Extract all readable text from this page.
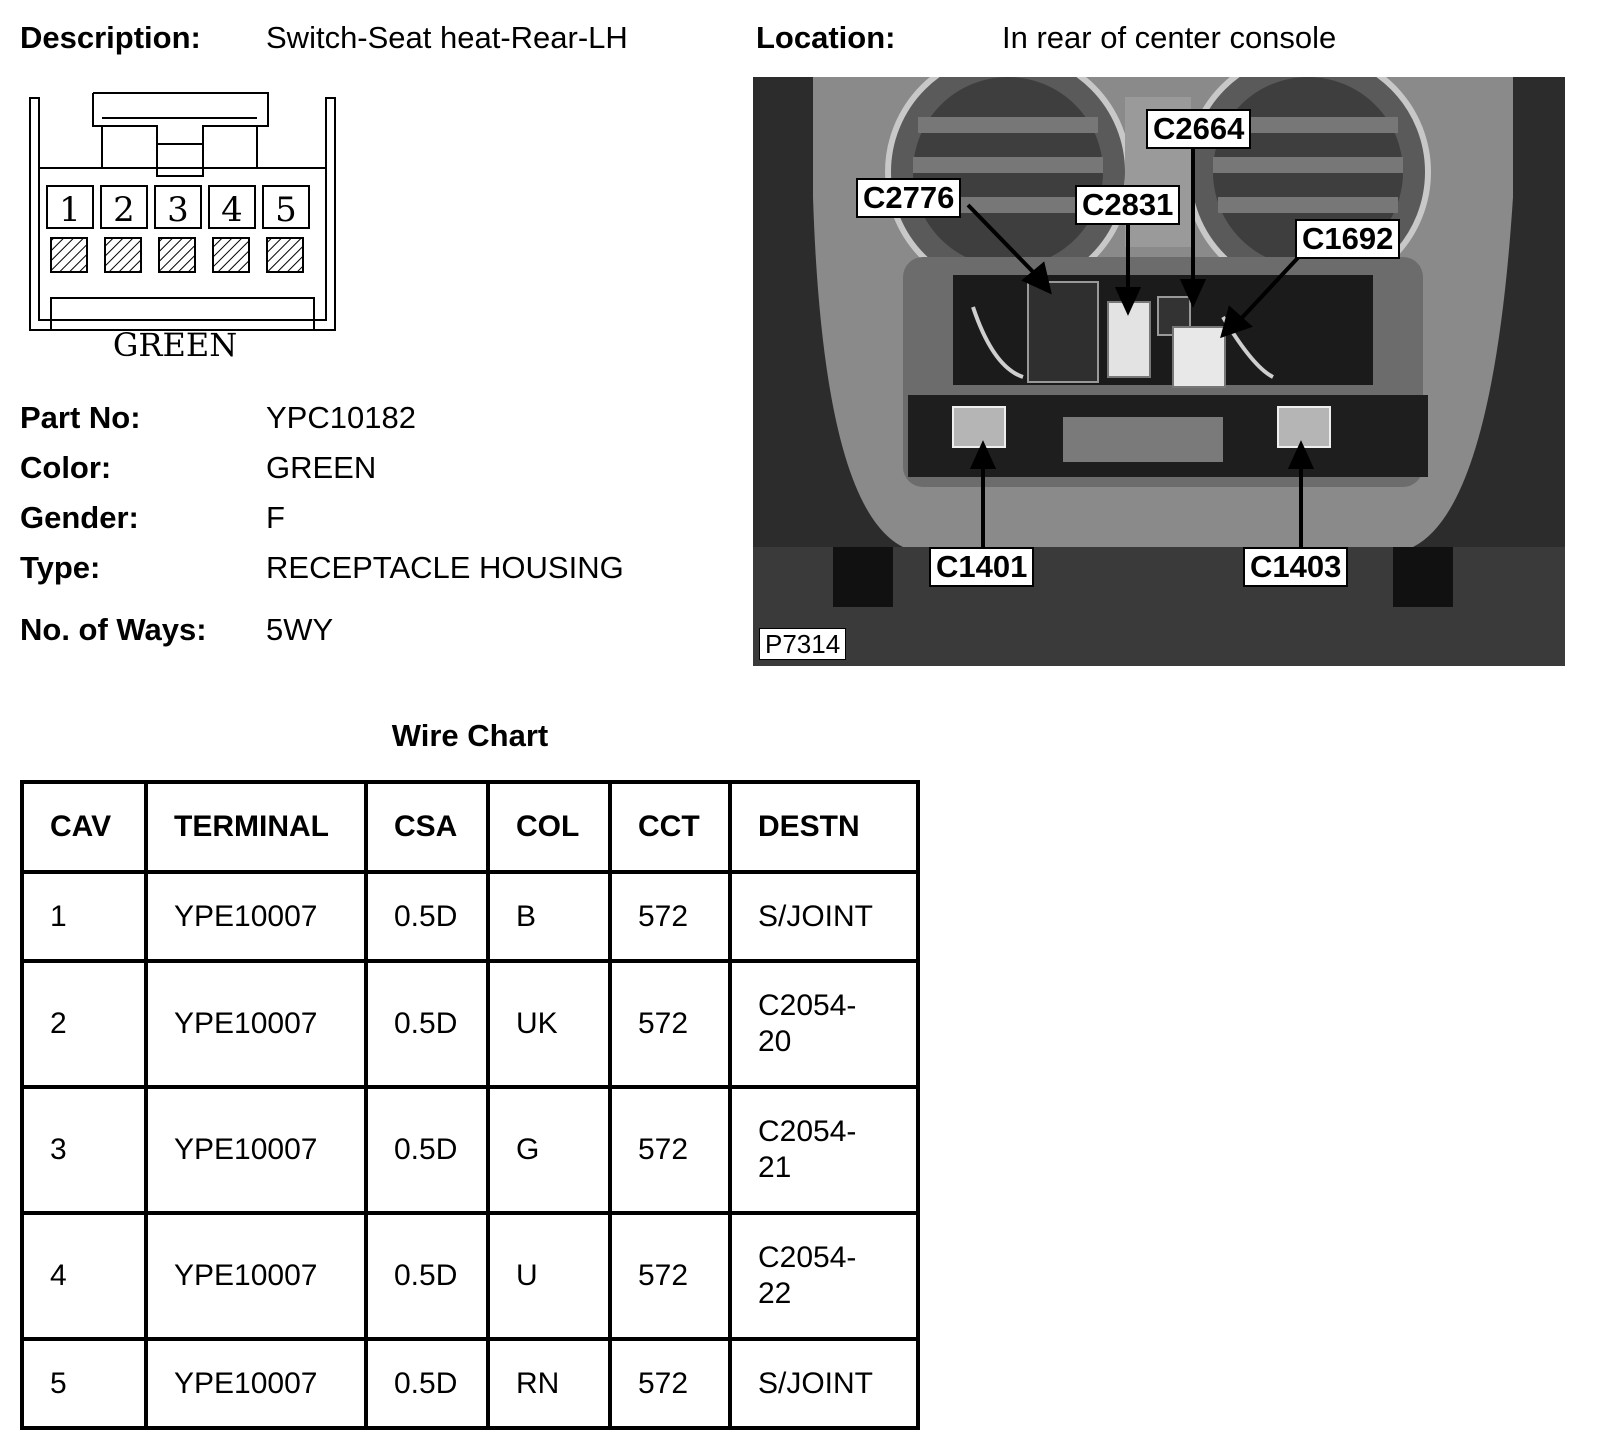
Description: Switch-Seat heat-Rear-LH	Location:	In rear of center console
1 2 3 4 5
GREEN
Part No:	YPC10182
Color:	GREEN
Gender:	F
Type:	RECEPTACLE HOUSING
No. of Ways: 5WY
C2664
C2776	C2831
C1692
C1401	C1403
P7314
Wire Chart
CAV	TERMINAL	CSA	COL	CCT	DESTN
1	YPE10007	0.5D	B	572	S/JOINT
2	YPE10007	0.5D	UK	572	C2054-
20
3	YPE10007	0.5D	G	572	C2054-
21
4	YPE10007	0.5D	U	572	C2054-
22
5	YPE10007	0.5D	RN	572	S/JOINT
